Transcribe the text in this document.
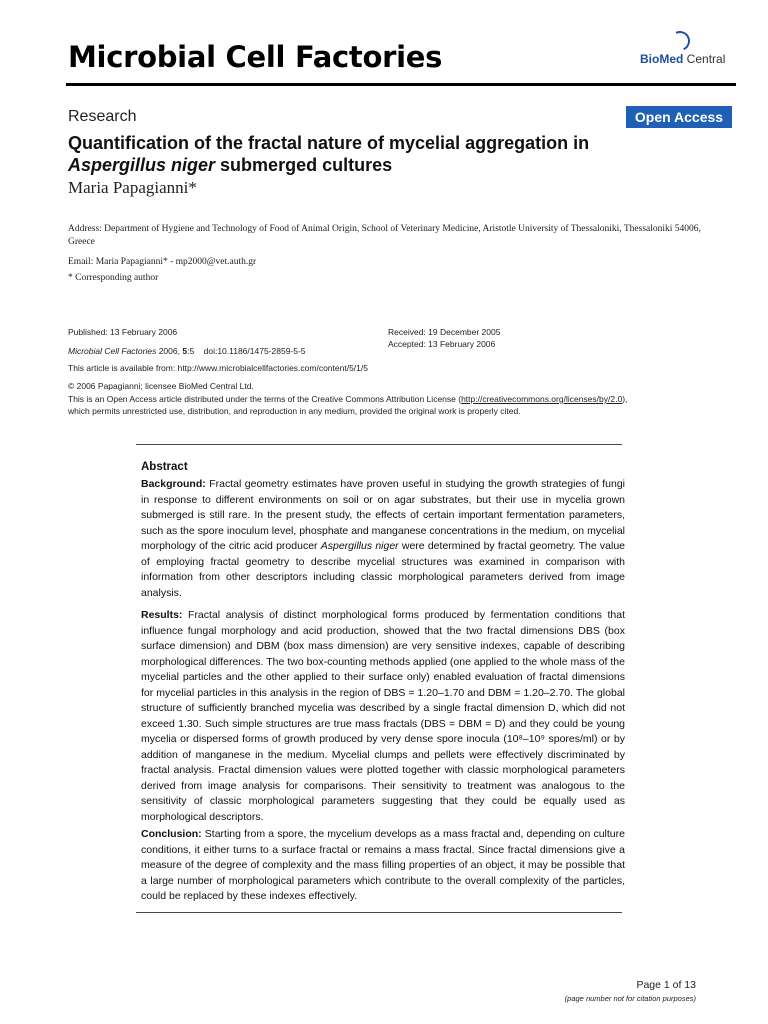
Microbial Cell Factories	BioMed Central
Research	Open Access
Quantification of the fractal nature of mycelial aggregation in
Aspergillus niger submerged cultures
Maria Papagianni*
Address: Department of Hygiene and Technology of Food of Animal Origin, School of Veterinary Medicine, Aristotle University of Thessaloniki, Thessaloniki 54006, Greece
Email: Maria Papagianni* - mp2000@vet.auth.gr
* Corresponding author
Published: 13 February 2006
Microbial Cell Factories 2006, 5:5    doi:10.1186/1475-2859-5-5
Received: 19 December 2005
Accepted: 13 February 2006
This article is available from: http://www.microbialcellfactories.com/content/5/1/5
© 2006 Papagianni; licensee BioMed Central Ltd.
This is an Open Access article distributed under the terms of the Creative Commons Attribution License (http://creativecommons.org/licenses/by/2.0),
which permits unrestricted use, distribution, and reproduction in any medium, provided the original work is properly cited.
Abstract
Background: Fractal geometry estimates have proven useful in studying the growth strategies of fungi in response to different environments on soil or on agar substrates, but their use in mycelia grown submerged is still rare. In the present study, the effects of certain important fermentation parameters, such as the spore inoculum level, phosphate and manganese concentrations in the medium, on mycelial morphology of the citric acid producer Aspergillus niger were determined by fractal geometry. The value of employing fractal geometry to describe mycelial structures was examined in comparison with information from other descriptors including classic morphological parameters derived from image analysis.
Results: Fractal analysis of distinct morphological forms produced by fermentation conditions that influence fungal morphology and acid production, showed that the two fractal dimensions DBS (box surface dimension) and DBM (box mass dimension) are very sensitive indexes, capable of describing morphological differences. The two box-counting methods applied (one applied to the whole mass of the mycelial particles and the other applied to their surface only) enabled evaluation of fractal dimensions for mycelial particles in this analysis in the region of DBS = 1.20–1.70 and DBM = 1.20–2.70. The global structure of sufficiently branched mycelia was described by a single fractal dimension D, which did not exceed 1.30. Such simple structures are true mass fractals (DBS = DBM = D) and they could be young mycelia or dispersed forms of growth produced by very dense spore inocula (10⁸–10⁹ spores/ml) or by addition of manganese in the medium. Mycelial clumps and pellets were effectively discriminated by fractal analysis. Fractal dimension values were plotted together with classic morphological parameters derived from image analysis for comparisons. Their sensitivity to treatment was analogous to the sensitivity of classic morphological parameters suggesting that they could be equally used as morphological descriptors.
Conclusion: Starting from a spore, the mycelium develops as a mass fractal and, depending on culture conditions, it either turns to a surface fractal or remains a mass fractal. Since fractal dimensions give a measure of the degree of complexity and the mass filling properties of an object, it may be possible that a large number of morphological parameters which contribute to the overall complexity of the particles, could be replaced by these indexes effectively.
Page 1 of 13
(page number not for citation purposes)
